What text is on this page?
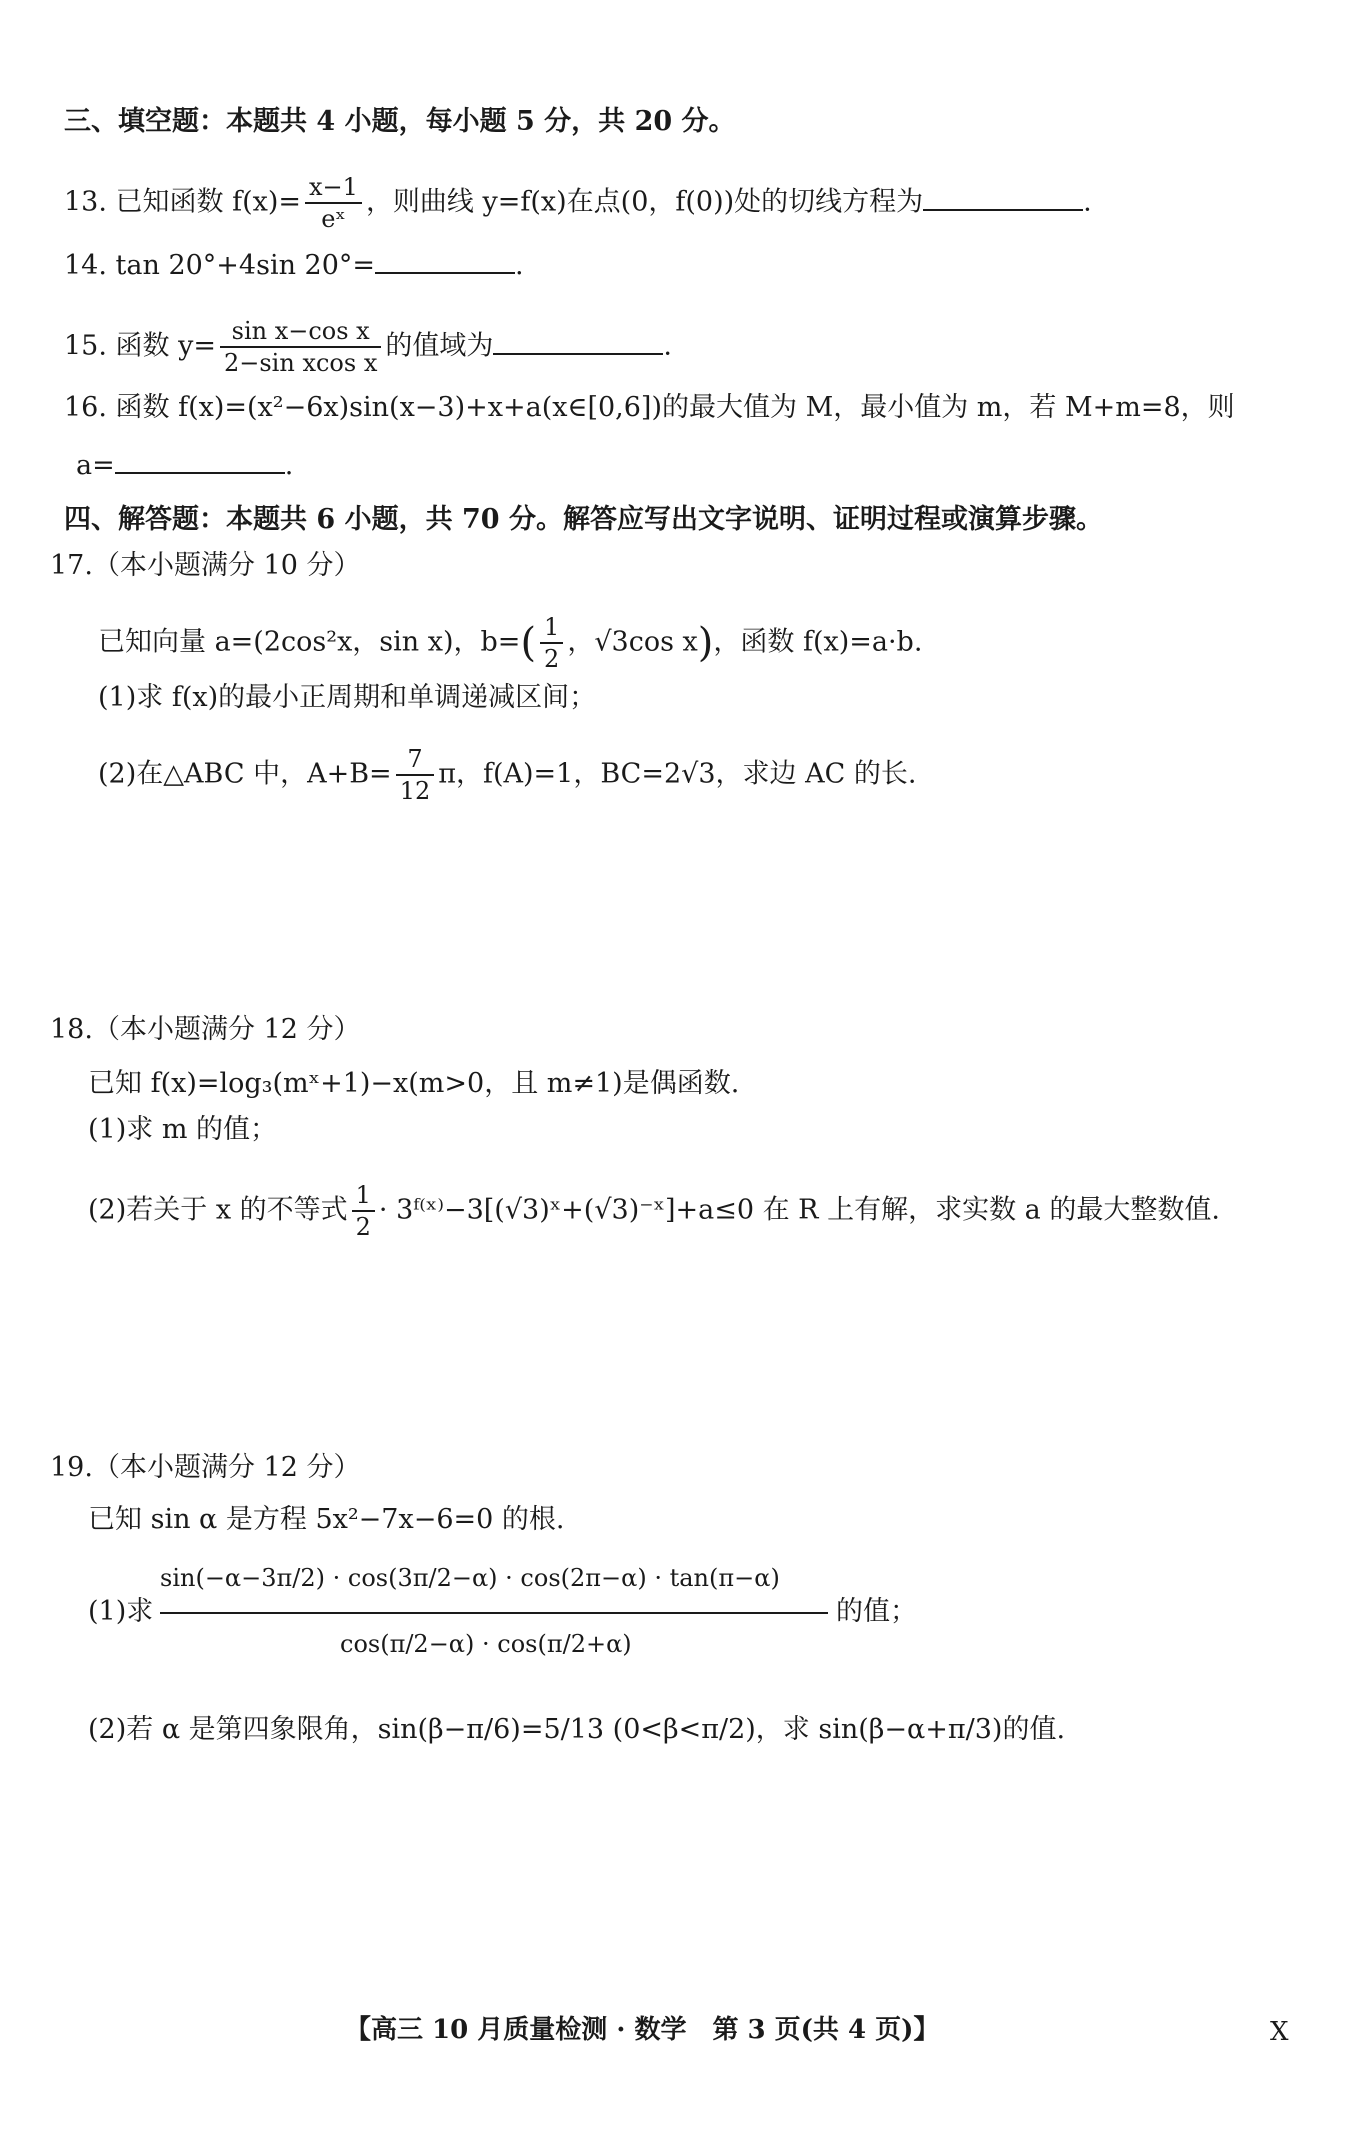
三、填空题：本题共 4 小题，每小题 5 分，共 20 分。
13. 已知函数 $f(x)= \frac{x-1}{\text{eˣ}}$ ，则曲线 y=f(x)在点(0，f(0))处的切线方程为	.
14. tan 20°+4sin 20°=	.
15. 函数 $y= \frac{\text{sin x−cos x}}{\text{2−sin xcos x}}$ 的值域为	.
16. 函数 f(x)=(x²−6x)sin(x−3)+x+a(x∈[0,6])的最大值为 M，最小值为 m，若 M+m=8，则
a=	.
四、解答题：本题共 6 小题，共 70 分。解答应写出文字说明、证明过程或演算步骤。
17.（本小题满分 10 分）
已知向量 a=(2cos²x，sin x)，$b=( \frac{1}{2}$ ，√3cos x)，函数 f(x)=a·b.
(1)求 f(x)的最小正周期和单调递减区间；
(2)在△ABC 中，$A+B= \frac{7}{12}$ π，f(A)=1，BC=2√3，求边 AC 的长.
18.（本小题满分 12 分）
已知 f(x)=log₃(mˣ+1)−x(m>0，且 m≠1)是偶函数.
(1)求 m 的值；
(2)若关于 x 的不等式 $\frac{1}{2}$ · 3ᶠ⁽ˣ⁾−3[(√3)ˣ+(√3)⁻ˣ]+a≤0 在 R 上有解，求实数 a 的最大整数值.
19.（本小题满分 12 分）
已知 sin α 是方程 5x²−7x−6=0 的根.
sin(−α−3π/2) · cos(3π/2−α) · cos(2π−α) · tan(π−α)
(1)求	的值；
cos(π/2−α) · cos(π/2+α)
(2)若 α 是第四象限角，sin(β−π/6)=5/13 (0<β<π/2)，求 sin(β−α+π/3)的值.
【高三 10 月质量检测 · 数学　第 3 页(共 4 页)】	X
